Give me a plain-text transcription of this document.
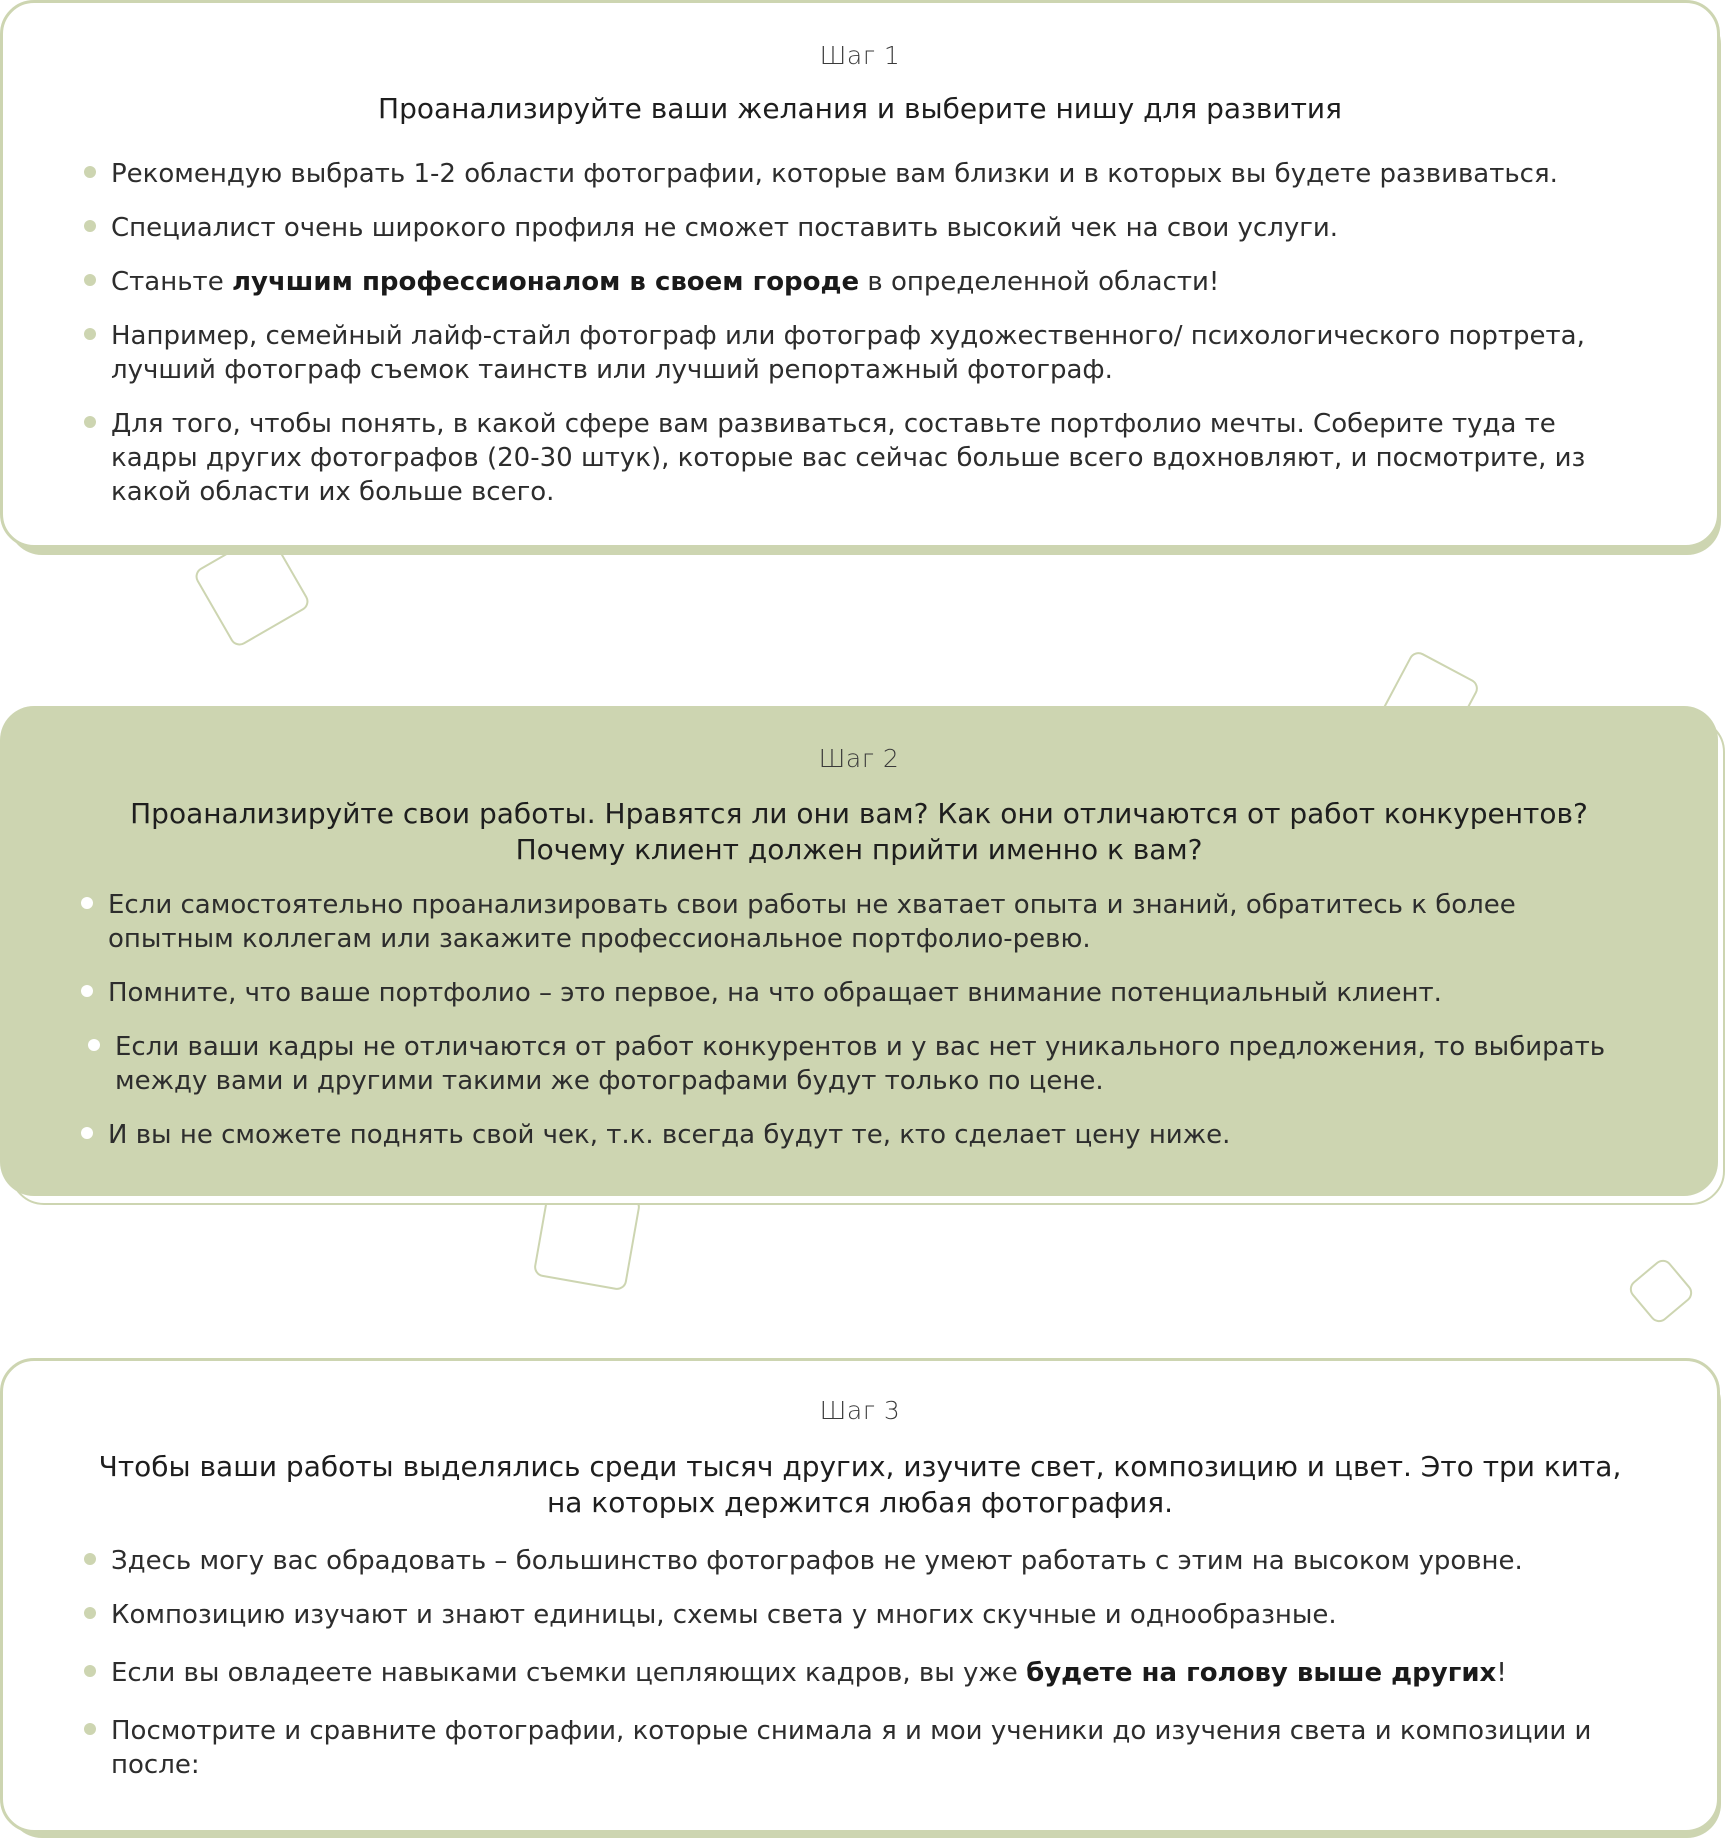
Шаг 1
Проанализируйте ваши желания и выберите нишу для развития
Рекомендую выбрать 1-2 области фотографии, которые вам близки и в которых вы будете развиваться.
Специалист очень широкого профиля не сможет поставить высокий чек на свои услуги.
Станьте лучшим профессионалом в своем городе в определенной области!
Например, семейный лайф-стайл фотограф или фотограф художественного/ психологического портрета, лучший фотограф съемок таинств или лучший репортажный фотограф.
Для того, чтобы понять, в какой сфере вам развиваться, составьте портфолио мечты. Соберите туда те кадры других фотографов (20-30 штук), которые вас сейчас больше всего вдохновляют, и посмотрите, из какой области их больше всего.
Шаг 2
Проанализируйте свои работы. Нравятся ли они вам? Как они отличаются от работ конкурентов?
Почему клиент должен прийти именно к вам?
Если самостоятельно проанализировать свои работы не хватает опыта и знаний, обратитесь к более опытным коллегам или закажите профессиональное портфолио-ревю.
Помните, что ваше портфолио – это первое, на что обращает внимание потенциальный клиент.
Если ваши кадры не отличаются от работ конкурентов и у вас нет уникального предложения, то выбирать между вами и другими такими же фотографами будут только по цене.
И вы не сможете поднять свой чек, т.к. всегда будут те, кто сделает цену ниже.
Шаг 3
Чтобы ваши работы выделялись среди тысяч других, изучите свет, композицию и цвет. Это три кита, на которых держится любая фотография.
Здесь могу вас обрадовать – большинство фотографов не умеют работать с этим на высоком уровне.
Композицию изучают и знают единицы, схемы света у многих скучные и однообразные.
Если вы овладеете навыками съемки цепляющих кадров, вы уже будете на голову выше других!
Посмотрите и сравните фотографии, которые снимала я и мои ученики до изучения света и композиции и после:
